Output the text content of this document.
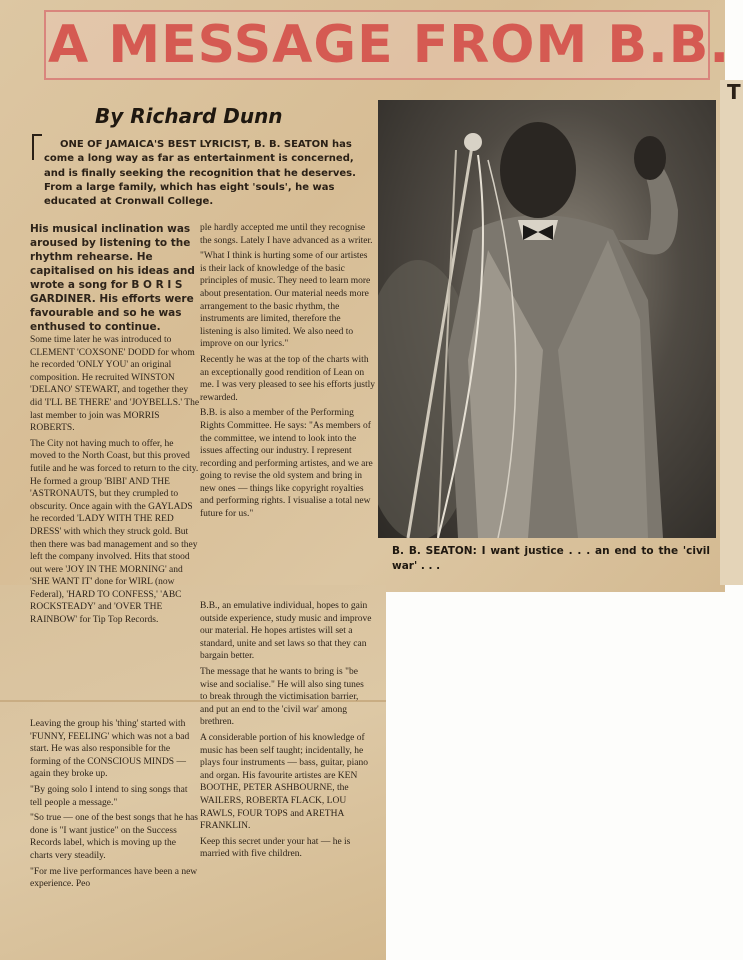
A MESSAGE FROM B.B.
T
By Richard Dunn
ONE OF JAMAICA'S BEST LYRICIST, B. B. SEATON has come a long way as far as entertainment is concerned, and is finally seeking the recognition that he deserves. From a large family, which has eight 'souls', he was educated at Cronwall College.
B. B. SEATON: I want justice . . . an end to the 'civil war' . . .

His musical inclination was aroused by listening to the rhythm rehearse. He capitalised on his ideas and wrote a song for B O R I S GARDINER. His efforts were favourable and so he was enthused to continue.

Some time later he was introduced to CLEMENT 'COXSONE' DODD for whom he recorded 'ONLY YOU' an original composition. He recruited WINSTON 'DELANO' STEWART, and together they did 'I'LL BE THERE' and 'JOYBELLS.' The last member to join was MORRIS ROBERTS.

The City not having much to offer, he moved to the North Coast, but this proved futile and he was forced to return to the city. He formed a group 'BIBI' AND THE 'ASTRONAUTS, but they crumpled to obscurity. Once again with the GAYLADS he recorded 'LADY WITH THE RED DRESS' with which they struck gold. But then there was bad management and so they left the company involved. Hits that stood out were 'JOY IN THE MORNING' and 'SHE WANT IT' done for WIRL (now Federal), 'HARD TO CONFESS,' 'ABC ROCKSTEADY' and 'OVER THE RAINBOW' for Tip Top Records.

ple hardly accepted me until they recognise the songs. Lately I have advanced as a writer.

"What I think is hurting some of our artistes is their lack of knowledge of the basic principles of music. They need to learn more about presentation. Our material needs more arrangement to the basic rhythm, the instruments are limited, therefore the listening is also limited. We also need to improve on our lyrics."

Recently he was at the top of the charts with an exceptionally good rendition of Lean on me. I was very pleased to see his efforts justly rewarded.

B.B. is also a member of the Performing Rights Committee. He says: "As members of the committee, we intend to look into the issues affecting our industry. I represent recording and performing artistes, and we are going to revise the old system and bring in new ones — things like copyright royalties and performing rights. I visualise a total new future for us."

Leaving the group his 'thing' started with 'FUNNY, FEELING' which was not a bad start. He was also responsible for the forming of the CONSCIOUS MINDS — again they broke up.

"By going solo I intend to sing songs that tell people a message."

"So true — one of the best songs that he has done is "I want justice" on the Success Records label, which is moving up the charts very steadily.

"For me live performances have been a new experience. Peo

B.B., an emulative individual, hopes to gain outside experience, study music and improve our material. He hopes artistes will set a standard, unite and set laws so that they can bargain better.

The message that he wants to bring is "be wise and socialise." He will also sing tunes to break through the victimisation barrier, and put an end to the 'civil war' among brethren.

A considerable portion of his knowledge of music has been self taught; incidentally, he plays four instruments — bass, guitar, piano and organ. His favourite artistes are KEN BOOTHE, PETER ASHBOURNE, the WAILERS, ROBERTA FLACK, LOU RAWLS, FOUR TOPS and ARETHA FRANKLIN.

Keep this secret under your hat — he is married with five children.
